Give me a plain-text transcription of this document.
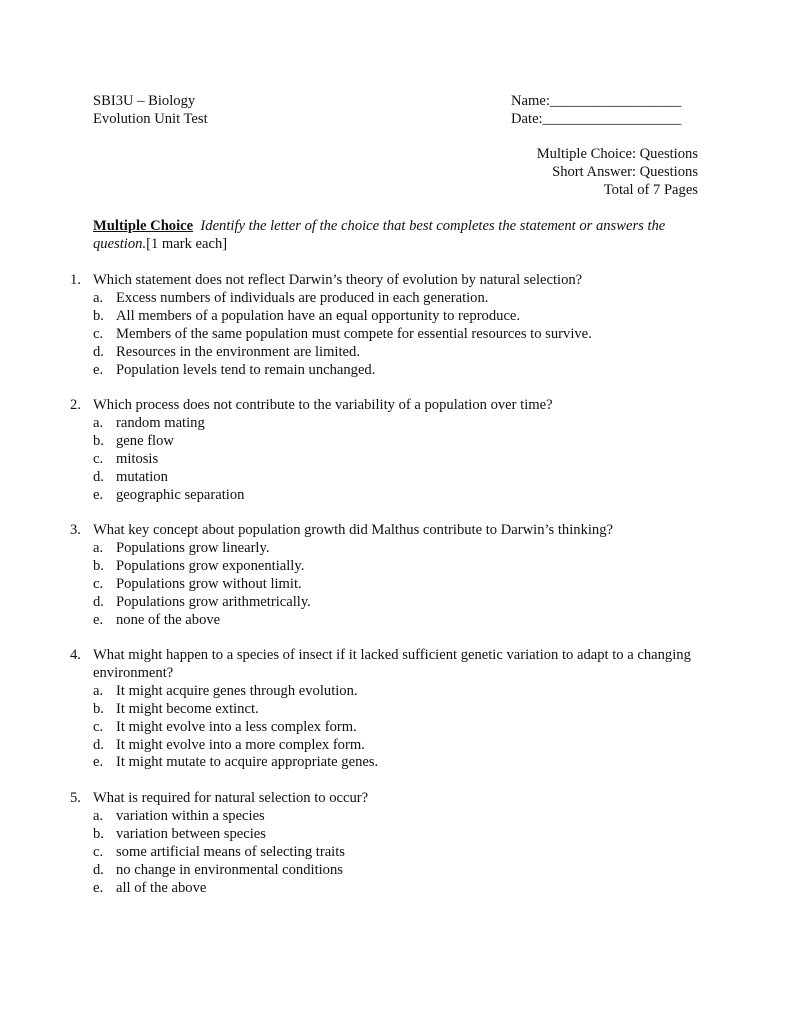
SBI3U – Biology
Evolution Unit Test
Name:__________________
Date:___________________
Multiple Choice: Questions
Short Answer: Questions
Total of 7 Pages
Multiple Choice Identify the letter of the choice that best completes the statement or answers the question.[1 mark each]
1. Which statement does not reflect Darwin’s theory of evolution by natural selection?
a. Excess numbers of individuals are produced in each generation.
b. All members of a population have an equal opportunity to reproduce.
c. Members of the same population must compete for essential resources to survive.
d. Resources in the environment are limited.
e. Population levels tend to remain unchanged.
2. Which process does not contribute to the variability of a population over time?
a. random mating
b. gene flow
c. mitosis
d. mutation
e. geographic separation
3. What key concept about population growth did Malthus contribute to Darwin’s thinking?
a. Populations grow linearly.
b. Populations grow exponentially.
c. Populations grow without limit.
d. Populations grow arithmetrically.
e. none of the above
4. What might happen to a species of insect if it lacked sufficient genetic variation to adapt to a changing environment?
a. It might acquire genes through evolution.
b. It might become extinct.
c. It might evolve into a less complex form.
d. It might evolve into a more complex form.
e. It might mutate to acquire appropriate genes.
5. What is required for natural selection to occur?
a. variation within a species
b. variation between species
c. some artificial means of selecting traits
d. no change in environmental conditions
e. all of the above
